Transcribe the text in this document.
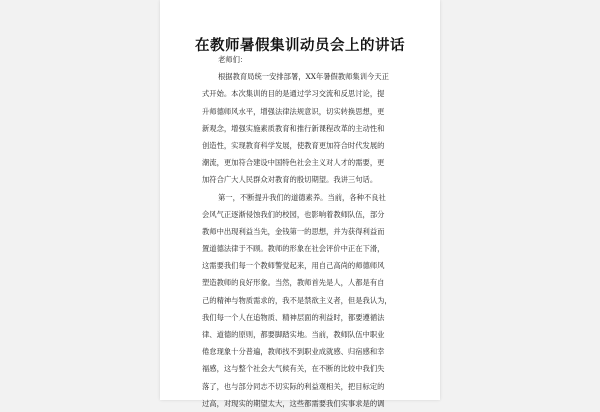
在教师暑假集训动员会上的讲话
老师们：
根据教育局统一安排部署，XX年暑假教师集训今天正
式开始。本次集训的目的是通过学习交流和反思讨论，提
升师德师风水平，增强法律法规意识，切实转换思想，更
新观念，增强实施素质教育和推行新课程改革的主动性和
创造性，实现教育科学发展，使教育更加符合时代发展的
潮流，更加符合建设中国特色社会主义对人才的需要，更
加符合广大人民群众对教育的殷切期望。我讲三句话。
第一，不断提升我们的道德素养。当前，各种不良社
会风气正逐渐侵蚀我们的校园，也影响着教师队伍，部分
教师中出现利益当先，金钱第一的思想，并为获得利益而
置道德法律于不顾。教师的形象在社会评价中正在下滑，
这需要我们每一个教师警觉起来，用自己高尚的师德师风
塑造教师的良好形象。当然，教师首先是人，人都是有自
己的精神与物质需求的，我不是禁欲主义者，但是我认为，
我们每一个人在追物质、精神层面的利益时，都要遵循法
律、道德的原则，都要脚踏实地。当前，教师队伍中职业
倦怠现象十分普遍，教师找不到职业成就感、归宿感和幸
福感，这与整个社会大气候有关，在不断的比较中我们失
落了，也与部分同志不切实际的利益观相关，把目标定的
过高，对现实的期望太大，这些都需要我们实事求是的调
